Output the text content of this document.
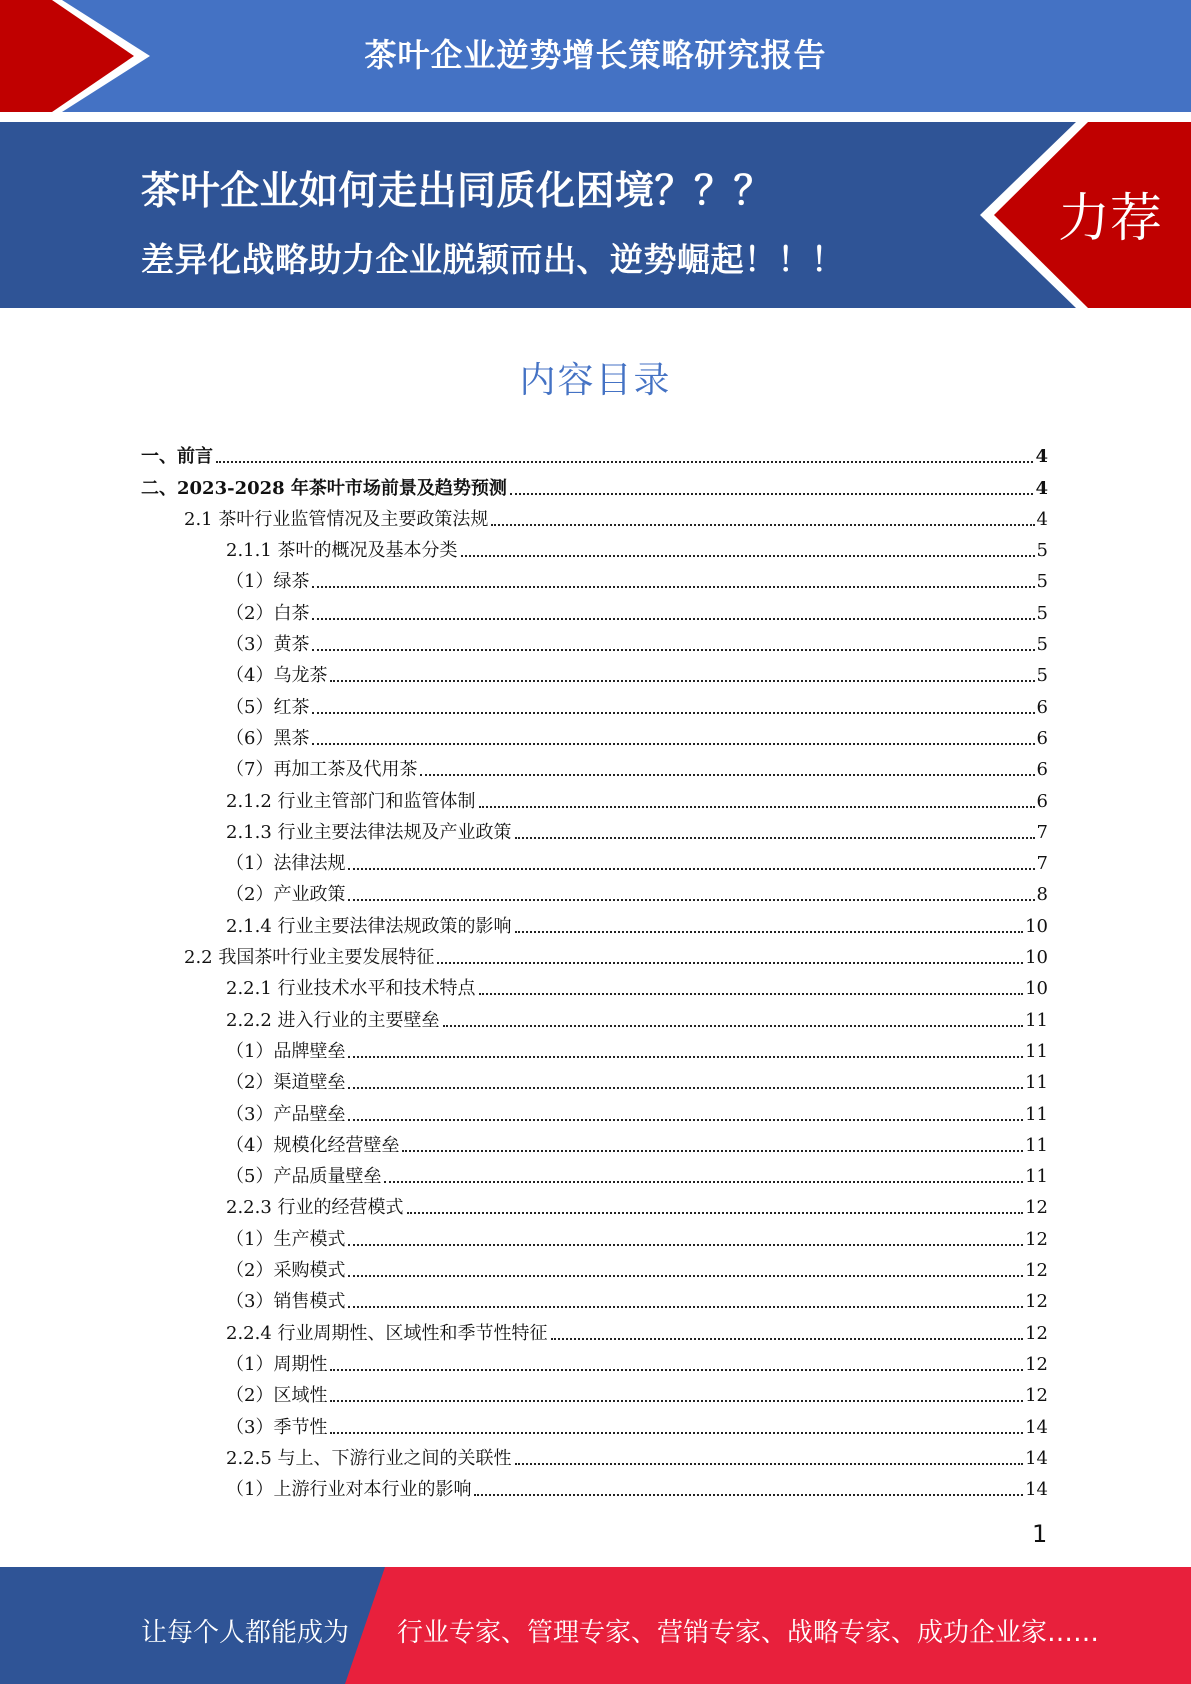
茶叶企业逆势增长策略研究报告
茶叶企业如何走出同质化困境？？？
差异化战略助力企业脱颖而出、逆势崛起！！！
力荐
内容目录
一、前言	4
二、2023-2028 年茶叶市场前景及趋势预测	4
2.1 茶叶行业监管情况及主要政策法规	4
2.1.1 茶叶的概况及基本分类	5
（1）绿茶	5
（2）白茶	5
（3）黄茶	5
（4）乌龙茶	5
（5）红茶	6
（6）黑茶	6
（7）再加工茶及代用茶	6
2.1.2 行业主管部门和监管体制	6
2.1.3 行业主要法律法规及产业政策	7
（1）法律法规	7
（2）产业政策	8
2.1.4 行业主要法律法规政策的影响	10
2.2 我国茶叶行业主要发展特征	10
2.2.1 行业技术水平和技术特点	10
2.2.2 进入行业的主要壁垒	11
（1）品牌壁垒	11
（2）渠道壁垒	11
（3）产品壁垒	11
（4）规模化经营壁垒	11
（5）产品质量壁垒	11
2.2.3 行业的经营模式	12
（1）生产模式	12
（2）采购模式	12
（3）销售模式	12
2.2.4 行业周期性、区域性和季节性特征	12
（1）周期性	12
（2）区域性	12
（3）季节性	14
2.2.5 与上、下游行业之间的关联性	14
（1）上游行业对本行业的影响	14
1
让每个人都能成为 行业专家、管理专家、营销专家、战略专家、成功企业家……
